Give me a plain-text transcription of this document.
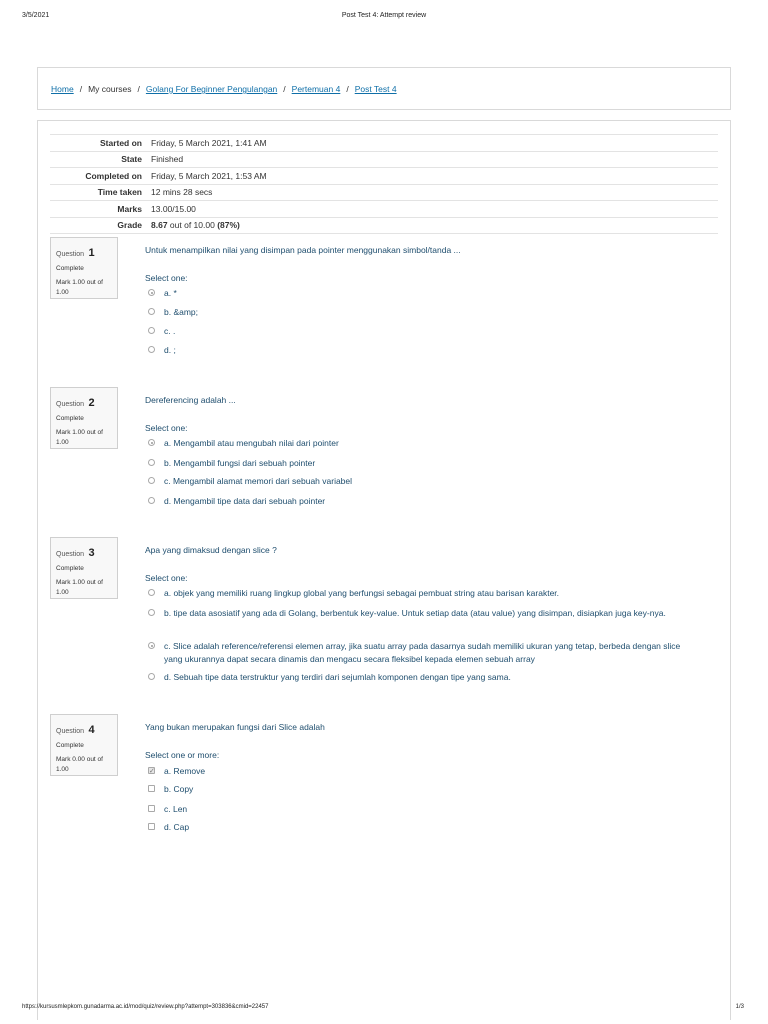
3/5/2021	Post Test 4: Attempt review
Home / My courses / Golang For Beginner Pengulangan / Pertemuan 4 / Post Test 4
Started on	Friday, 5 March 2021, 1:41 AM
State	Finished
Completed on	Friday, 5 March 2021, 1:53 AM
Time taken	12 mins 28 secs
Marks	13.00/15.00
Grade	8.67 out of 10.00 (87%)
Question 1
Complete
Mark 1.00 out of 1.00
Untuk menampilkan nilai yang disimpan pada pointer menggunakan simbol/tanda ...
Select one:
a. *
b. &amp;
c. .
d. ;
Question 2
Complete
Mark 1.00 out of 1.00
Dereferencing adalah ...
Select one:
a. Mengambil atau mengubah nilai dari pointer
b. Mengambil fungsi dari sebuah pointer
c. Mengambil alamat memori dari sebuah variabel
d. Mengambil tipe data dari sebuah pointer
Question 3
Complete
Mark 1.00 out of 1.00
Apa yang dimaksud dengan slice ?
Select one:
a. objek yang memiliki ruang lingkup global yang berfungsi sebagai pembuat string atau barisan karakter.
b. tipe data asosiatif yang ada di Golang, berbentuk key-value. Untuk setiap data (atau value) yang disimpan, disiapkan juga key-nya.
c. Slice adalah reference/referensi elemen array, jika suatu array pada dasarnya sudah memiliki ukuran yang tetap, berbeda dengan slice yang ukurannya dapat secara dinamis dan mengacu secara fleksibel kepada elemen sebuah array
d. Sebuah tipe data terstruktur yang terdiri dari sejumlah komponen dengan tipe yang sama.
Question 4
Complete
Mark 0.00 out of 1.00
Yang bukan merupakan fungsi dari Slice adalah
Select one or more:
✓
a. Remove
b. Copy
c. Len
d. Cap
https://kursusmlepkom.gunadarma.ac.id/mod/quiz/review.php?attempt=303836&cmid=22457	1/3
